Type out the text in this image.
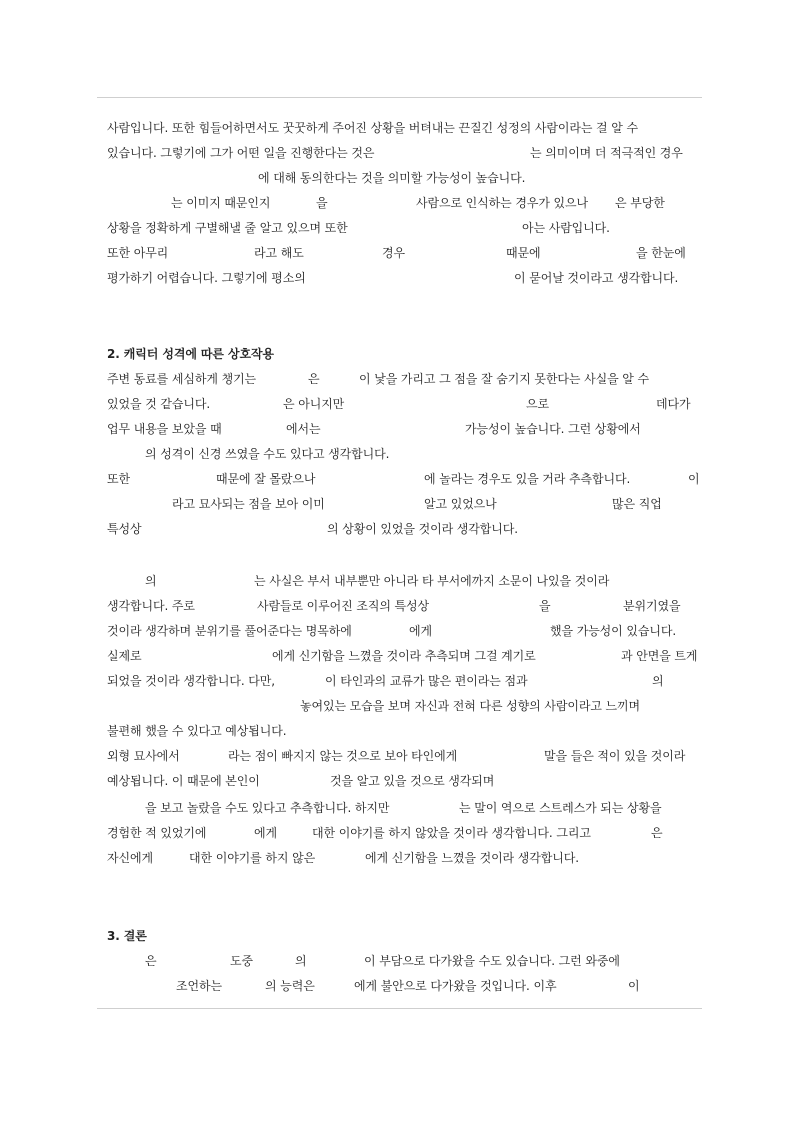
사람입니다. 또한 힘들어하면서도 꿋꿋하게 주어진 상황을 버텨내는 끈질긴 성정의 사람이라는 걸 알 수
있습니다. 그렇기에 그가 어떤 일을 진행한다는 것은	는 의미이며 더 적극적인 경우
에 대해 동의한다는 것을 의미할 가능성이 높습니다.
는 이미지 때문인지	을	사람으로 인식하는 경우가 있으나 은 부당한
상황을 정확하게 구별해낼 줄 알고 있으며 또한	아는 사람입니다.
또한 아무리	라고 해도	경우	때문에	을 한눈에
평가하기 어렵습니다. 그렇기에 평소의	이 묻어날 것이라고 생각합니다.
2. 캐릭터 성격에 따른 상호작용
주변 동료를 세심하게 챙기는	은	이 낯을 가리고 그 점을 잘 숨기지 못한다는 사실을 알 수
있었을 것 같습니다.	은 아니지만	으로	데다가
업무 내용을 보았을 때	에서는	가능성이 높습니다. 그런 상황에서
의 성격이 신경 쓰였을 수도 있다고 생각합니다.
또한	때문에 잘 몰랐으나	에 놀라는 경우도 있을 거라 추측합니다.	이
라고 묘사되는 점을 보아 이미	알고 있었으나	많은 직업
특성상	의 상황이 있었을 것이라 생각합니다.
의	는 사실은 부서 내부뿐만 아니라 타 부서에까지 소문이 나있을 것이라
생각합니다. 주로	사람들로 이루어진 조직의 특성상	을	분위기였을
것이라 생각하며 분위기를 풀어준다는 명목하에	에게	했을 가능성이 있습니다.
실제로	에게 신기함을 느꼈을 것이라 추측되며 그걸 계기로	과 안면을 트게
되었을 것이라 생각합니다. 다만,	이 타인과의 교류가 많은 편이라는 점과	의
놓여있는 모습을 보며 자신과 전혀 다른 성향의 사람이라고 느끼며
불편해 했을 수 있다고 예상됩니다.
외형 묘사에서	라는 점이 빠지지 않는 것으로 보아 타인에게	말을 들은 적이 있을 것이라
예상됩니다. 이 때문에 본인이	것을 알고 있을 것으로 생각되며
을 보고 놀랐을 수도 있다고 추측합니다. 하지만	는 말이 역으로 스트레스가 되는 상황을
경험한 적 있었기에	에게	대한 이야기를 하지 않았을 것이라 생각합니다. 그리고	은
자신에게	대한 이야기를 하지 않은	에게 신기함을 느꼈을 것이라 생각합니다.
3. 결론
은	도중	의	이 부담으로 다가왔을 수도 있습니다. 그런 와중에
조언하는	의 능력은	에게 불안으로 다가왔을 것입니다. 이후	이
